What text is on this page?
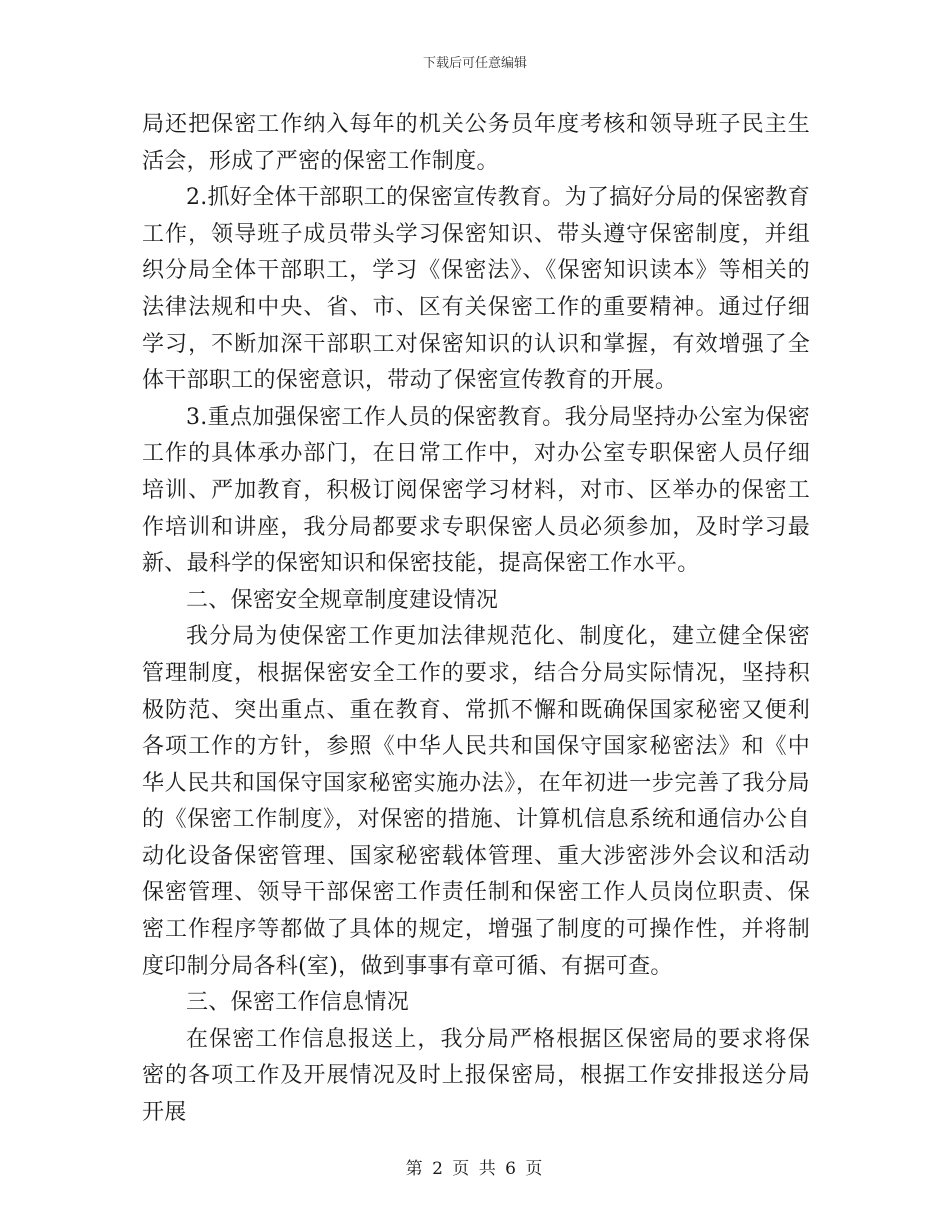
下载后可任意编辑

局还把保密工作纳入每年的机关公务员年度考核和领导班子民主生活会，形成了严密的保密工作制度。

2.抓好全体干部职工的保密宣传教育。为了搞好分局的保密教育工作，领导班子成员带头学习保密知识、带头遵守保密制度，并组织分局全体干部职工，学习《保密法》、《保密知识读本》等相关的法律法规和中央、省、市、区有关保密工作的重要精神。通过仔细学习，不断加深干部职工对保密知识的认识和掌握，有效增强了全体干部职工的保密意识，带动了保密宣传教育的开展。

3.重点加强保密工作人员的保密教育。我分局坚持办公室为保密工作的具体承办部门，在日常工作中，对办公室专职保密人员仔细培训、严加教育，积极订阅保密学习材料，对市、区举办的保密工作培训和讲座，我分局都要求专职保密人员必须参加，及时学习最新、最科学的保密知识和保密技能，提高保密工作水平。

二、保密安全规章制度建设情况

我分局为使保密工作更加法律规范化、制度化，建立健全保密管理制度，根据保密安全工作的要求，结合分局实际情况，坚持积极防范、突出重点、重在教育、常抓不懈和既确保国家秘密又便利各项工作的方针，参照《中华人民共和国保守国家秘密法》和《中华人民共和国保守国家秘密实施办法》，在年初进一步完善了我分局的《保密工作制度》，对保密的措施、计算机信息系统和通信办公自动化设备保密管理、国家秘密载体管理、重大涉密涉外会议和活动保密管理、领导干部保密工作责任制和保密工作人员岗位职责、保密工作程序等都做了具体的规定，增强了制度的可操作性，并将制度印制分局各科(室)，做到事事有章可循、有据可查。

三、保密工作信息情况

在保密工作信息报送上，我分局严格根据区保密局的要求将保密的各项工作及开展情况及时上报保密局，根据工作安排报送分局开展

第 2 页 共 6 页
